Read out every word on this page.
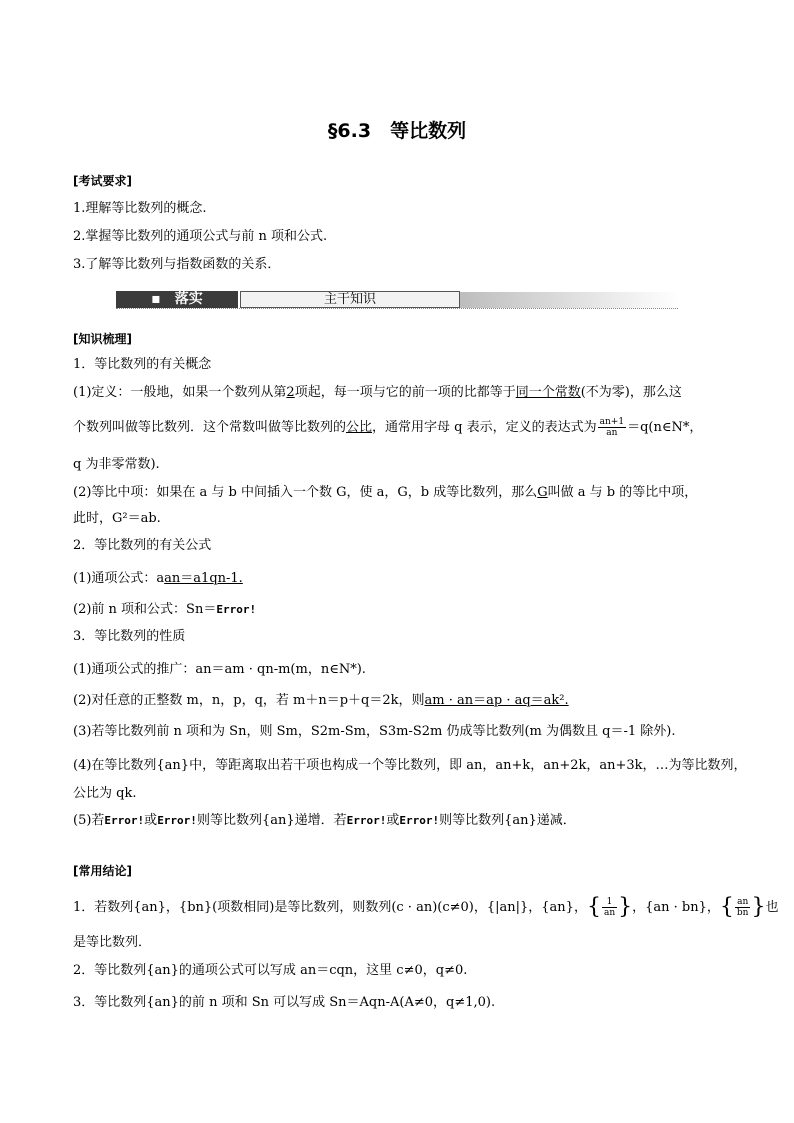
§6.3　等比数列
[考试要求]
1.理解等比数列的概念.
2.掌握等比数列的通项公式与前 n 项和公式.
3.了解等比数列与指数函数的关系．
▪　落实	主干知识
[知识梳理]
1．等比数列的有关概念
(1)定义：一般地，如果一个数列从第2项起，每一项与它的前一项的比都等于同一个常数(不为零)，那么这
个数列叫做等比数列．这个常数叫做等比数列的公比，通常用字母 q 表示，定义的表达式为 $\frac{an+1}{an}$ ＝q(n∈N*，
q 为非零常数).
(2)等比中项：如果在 a 与 b 中间插入一个数 G，使 a，G，b 成等比数列，那么G叫做 a 与 b 的等比中项，
此时，G²＝ab.
2．等比数列的有关公式
(1)通项公式：aan＝a1qn-1.
(2)前 n 项和公式：Sn＝Error!
3．等比数列的性质
(1)通项公式的推广：an＝am · qn-m(m，n∈N*).
(2)对任意的正整数 m，n，p，q，若 m＋n＝p＋q＝2k，则am · an＝ap · aq＝ak².
(3)若等比数列前 n 项和为 Sn，则 Sm，S2m-Sm，S3m-S2m 仍成等比数列(m 为偶数且 q＝-1 除外).
(4)在等比数列{an}中，等距离取出若干项也构成一个等比数列，即 an，an+k，an+2k，an+3k，…为等比数列，
公比为 qk.
(5)若Error!或Error!则等比数列{an}递增．若Error!或Error!则等比数列{an}递减．
[常用结论]
1．若数列{an}，{bn}(项数相同)是等比数列，则数列(c · an)(c≠0)，{|an|}，{an}，{ $\frac{1}{an}$ }，{an · bn}，{ $\frac{an}{bn}$ }也
是等比数列．
2．等比数列{an}的通项公式可以写成 an＝cqn，这里 c≠0，q≠0.
3．等比数列{an}的前 n 项和 Sn 可以写成 Sn＝Aqn-A(A≠0，q≠1,0).
